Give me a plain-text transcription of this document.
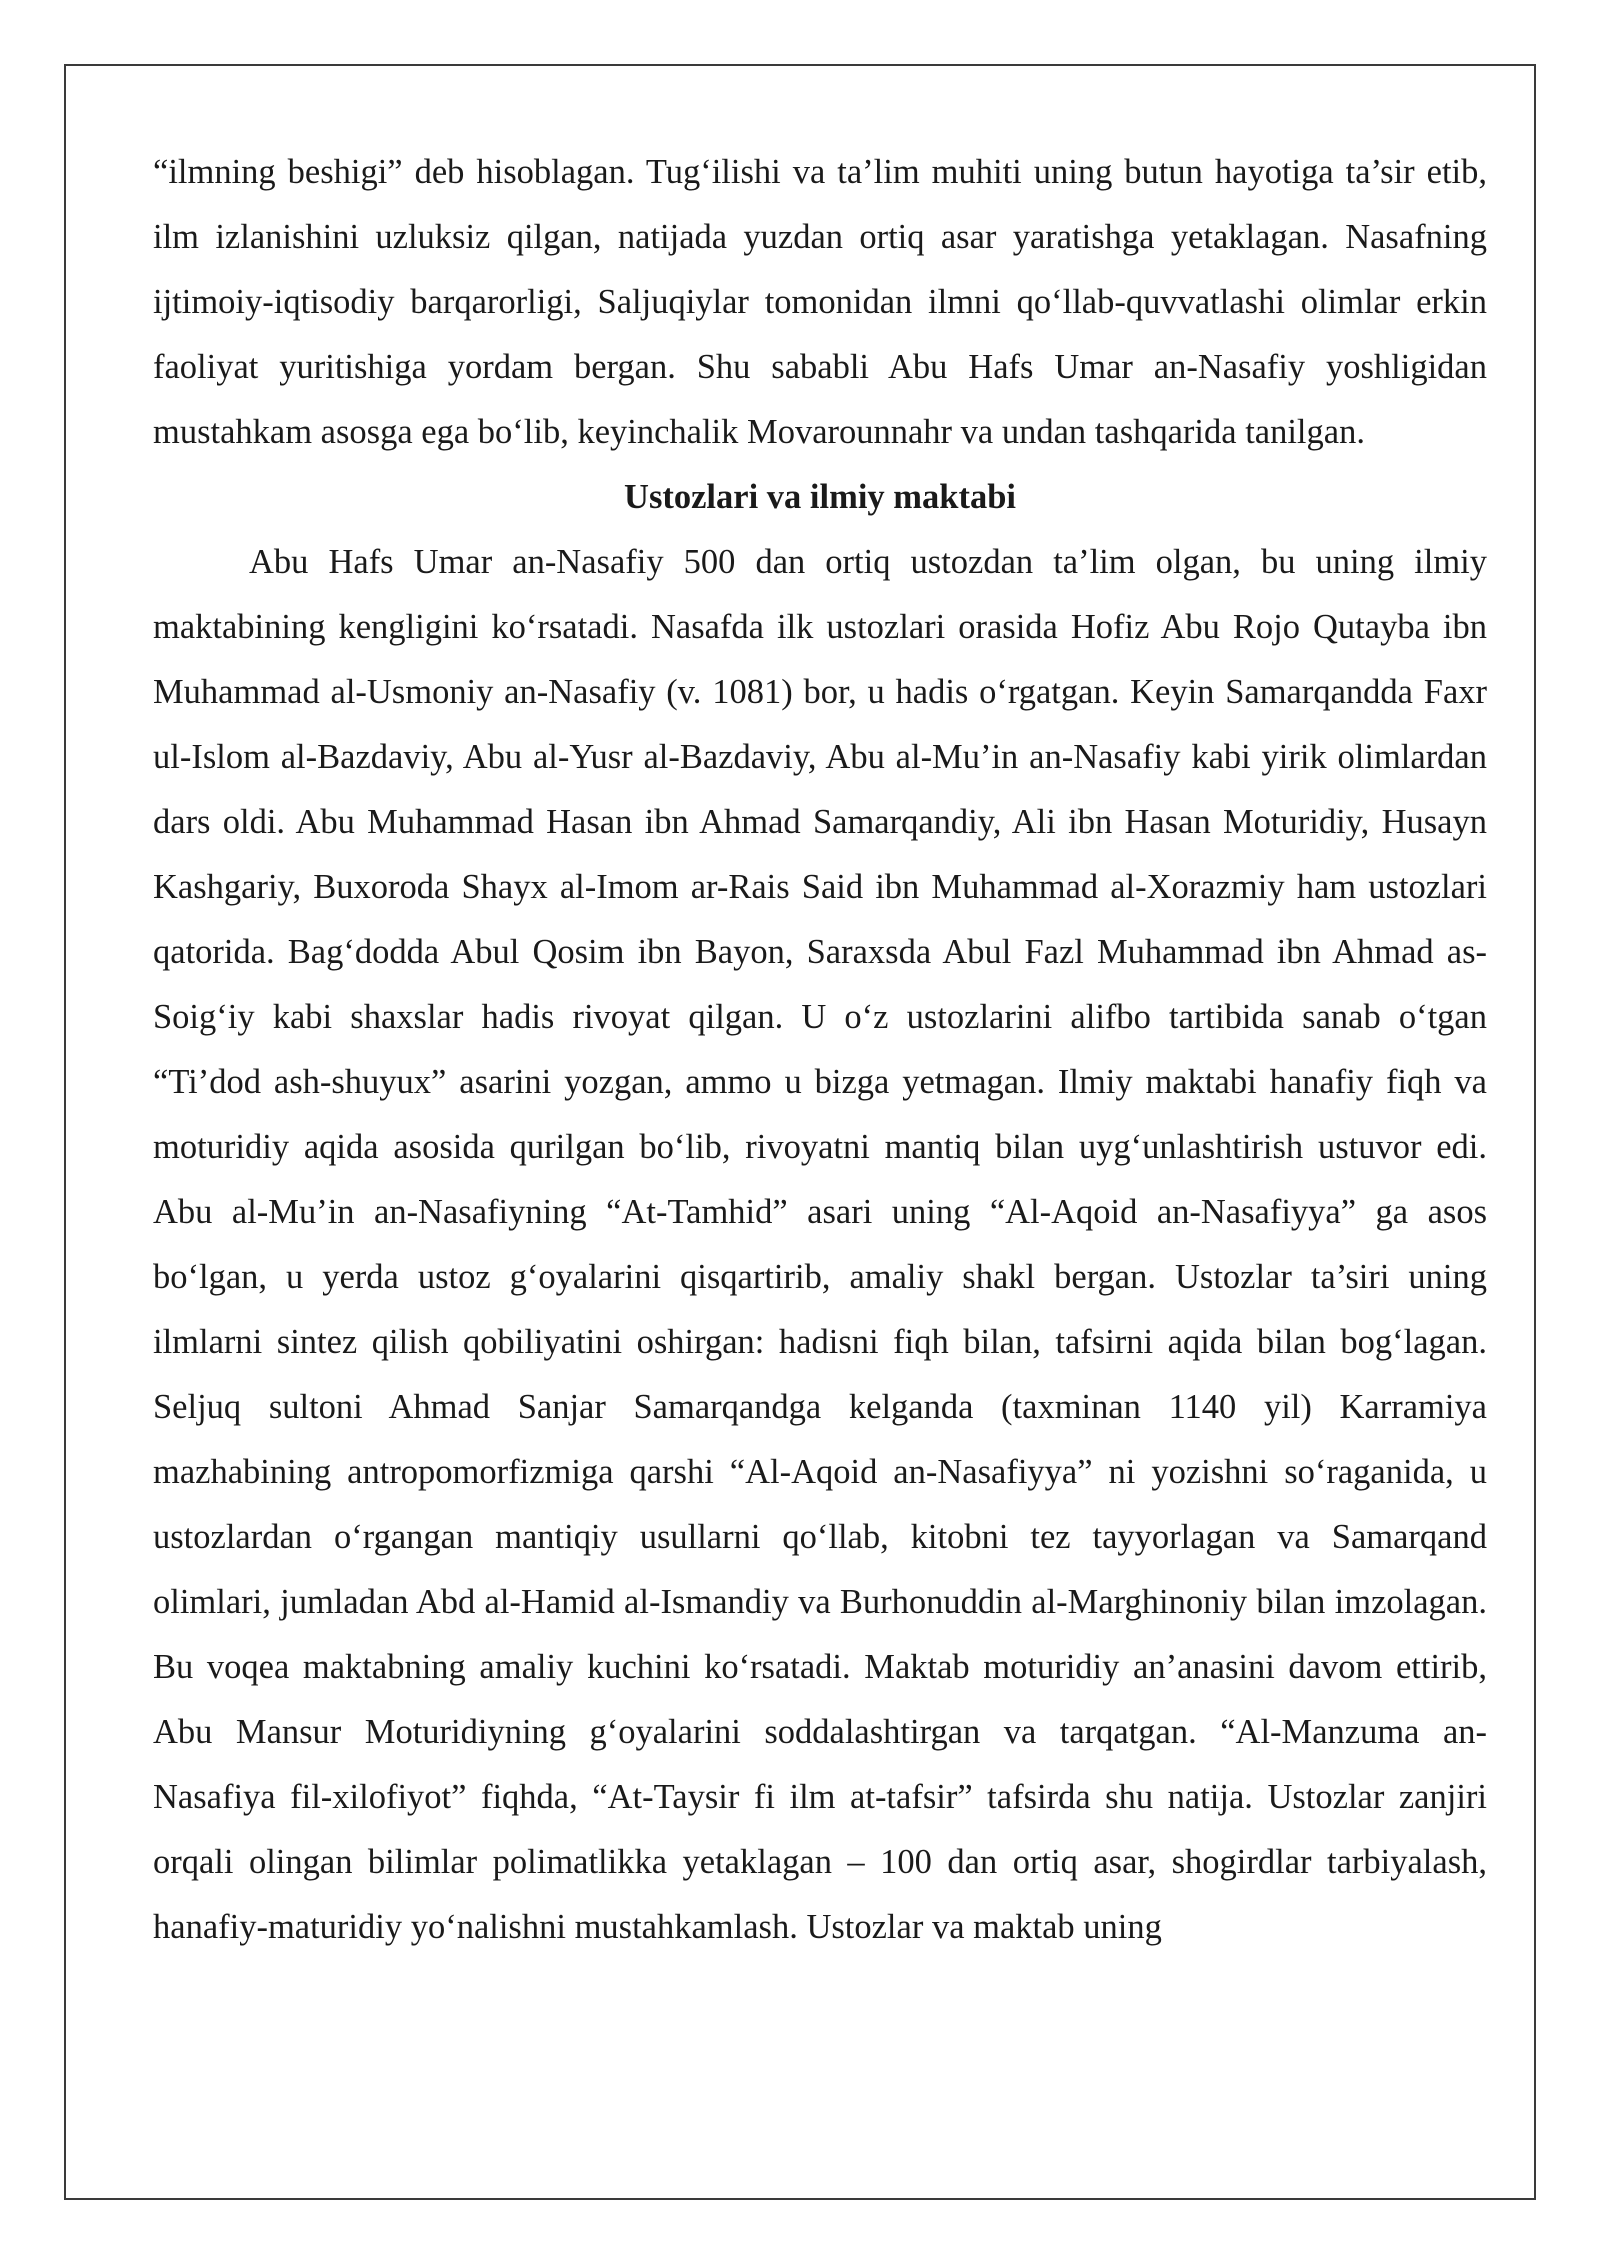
“ilmning beshigi” deb hisoblagan. Tug‘ilishi va ta’lim muhiti uning butun hayotiga ta’sir etib, ilm izlanishini uzluksiz qilgan, natijada yuzdan ortiq asar yaratishga yetaklagan. Nasafning ijtimoiy-iqtisodiy barqarorligi, Saljuqiylar tomonidan ilmni qo‘llab-quvvatlashi olimlar erkin faoliyat yuritishiga yordam bergan. Shu sababli Abu Hafs Umar an-Nasafiy yoshligidan mustahkam asosga ega bo‘lib, keyinchalik Movarounnahr va undan tashqarida tanilgan.

Ustozlari va ilmiy maktabi

Abu Hafs Umar an-Nasafiy 500 dan ortiq ustozdan ta’lim olgan, bu uning ilmiy maktabining kengligini ko‘rsatadi. Nasafda ilk ustozlari orasida Hofiz Abu Rojo Qutayba ibn Muhammad al-Usmoniy an-Nasafiy (v. 1081) bor, u hadis o‘rgatgan. Keyin Samarqandda Faxr ul-Islom al-Bazdaviy, Abu al-Yusr al-Bazdaviy, Abu al-Mu’in an-Nasafiy kabi yirik olimlardan dars oldi. Abu Muhammad Hasan ibn Ahmad Samarqandiy, Ali ibn Hasan Moturidiy, Husayn Kashgariy, Buxoroda Shayx al-Imom ar-Rais Said ibn Muhammad al-Xorazmiy ham ustozlari qatorida. Bag‘dodda Abul Qosim ibn Bayon, Saraxsda Abul Fazl Muhammad ibn Ahmad as-Soig‘iy kabi shaxslar hadis rivoyat qilgan. U o‘z ustozlarini alifbo tartibida sanab o‘tgan “Ti’dod ash-shuyux” asarini yozgan, ammo u bizga yetmagan. Ilmiy maktabi hanafiy fiqh va moturidiy aqida asosida qurilgan bo‘lib, rivoyatni mantiq bilan uyg‘unlashtirish ustuvor edi. Abu al-Mu’in an-Nasafiyning “At-Tamhid” asari uning “Al-Aqoid an-Nasafiyya” ga asos bo‘lgan, u yerda ustoz g‘oyalarini qisqartirib, amaliy shakl bergan. Ustozlar ta’siri uning ilmlarni sintez qilish qobiliyatini oshirgan: hadisni fiqh bilan, tafsirni aqida bilan bog‘lagan. Seljuq sultoni Ahmad Sanjar Samarqandga kelganda (taxminan 1140 yil) Karramiya mazhabining antropomorfizmiga qarshi “Al-Aqoid an-Nasafiyya” ni yozishni so‘raganida, u ustozlardan o‘rgangan mantiqiy usullarni qo‘llab, kitobni tez tayyorlagan va Samarqand olimlari, jumladan Abd al-Hamid al-Ismandiy va Burhonuddin al-Marghinoniy bilan imzolagan. Bu voqea maktabning amaliy kuchini ko‘rsatadi. Maktab moturidiy an’anasini davom ettirib, Abu Mansur Moturidiyning g‘oyalarini soddalashtirgan va tarqatgan. “Al-Manzuma an-Nasafiya fil-xilofiyot” fiqhda, “At-Taysir fi ilm at-tafsir” tafsirda shu natija. Ustozlar zanjiri orqali olingan bilimlar polimatlikka yetaklagan – 100 dan ortiq asar, shogirdlar tarbiyalash, hanafiy-maturidiy yo‘nalishni mustahkamlash. Ustozlar va maktab uning
